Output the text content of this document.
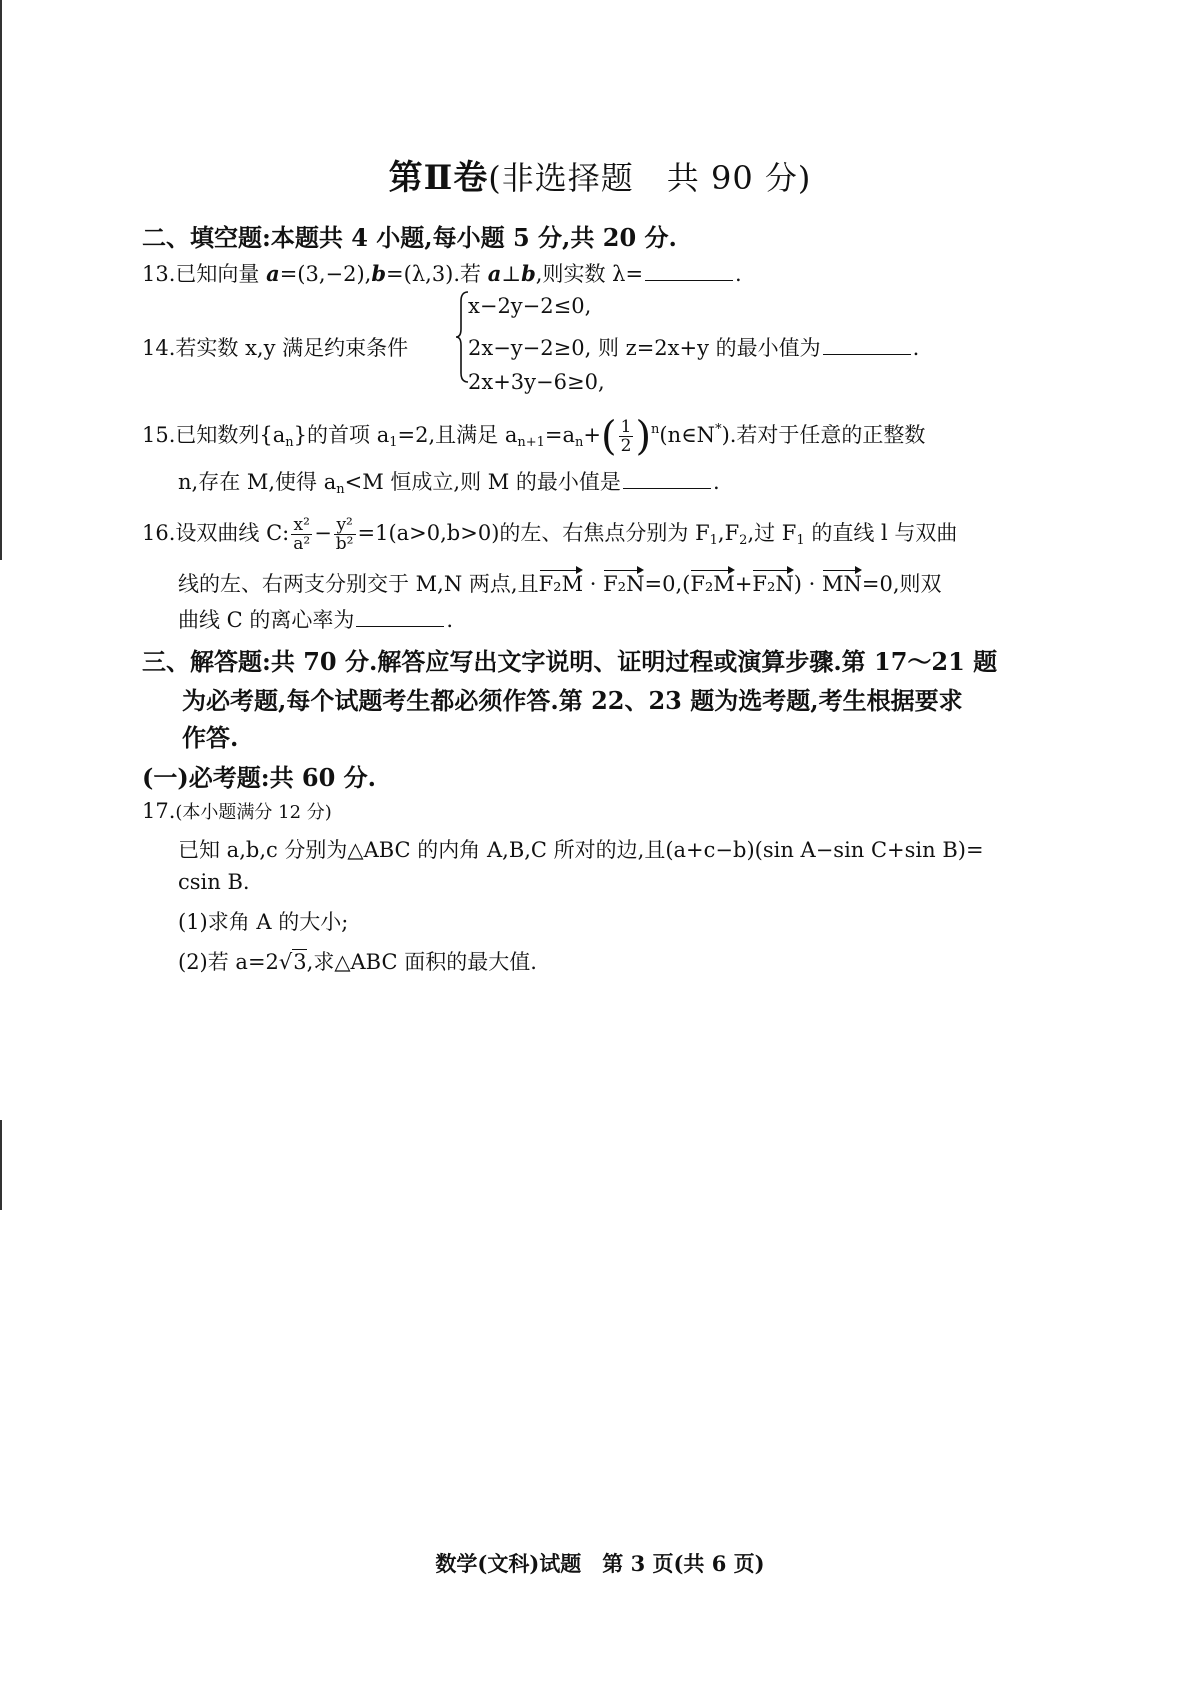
第Ⅱ卷(非选择题　共 90 分)
二、填空题:本题共 4 小题,每小题 5 分,共 20 分.
13.已知向量 a=(3,−2),b=(λ,3).若 a⊥b,则实数 λ=	.
14.若实数 x,y 满足约束条件
x−2y−2≤0,
2x−y−2≥0, 则 z=2x+y 的最小值为	.
2x+3y−6≥0,
15.已知数列$\{a_n\}$的首项 $a_1=2$,且满足 $a_{n+1}=a_n+( \frac{1}{2}$ )$^n(n\in N^*)$.若对于任意的正整数
n,存在 M,使得 $a_n<M$ 恒成立,则 M 的最小值是	.
16.设双曲线 C: $\frac{\text{x²}}{\text{a²}} - \frac{\text{y²}}{\text{b²}} =1(a>0,b>0)$的左、右焦点分别为 $F_1,F_2$,过 $F_1$ 的直线 l 与双曲
线的左、右两支分别交于 M,N 两点,且F₂M · F₂N=0,(F₂M+F₂N) · MN=0,则双
曲线 C 的离心率为	.
三、解答题:共 70 分.解答应写出文字说明、证明过程或演算步骤.第 17～21 题
为必考题,每个试题考生都必须作答.第 22、23 题为选考题,考生根据要求
作答.
(一)必考题:共 60 分.
17.(本小题满分 12 分)
已知 a,b,c 分别为△ABC 的内角 A,B,C 所对的边,且(a+c−b)(sin A−sin C+sin B)=
csin B.
(1)求角 A 的大小;
(2)若 a=2√3,求△ABC 面积的最大值.
数学(文科)试题　第 3 页(共 6 页)
